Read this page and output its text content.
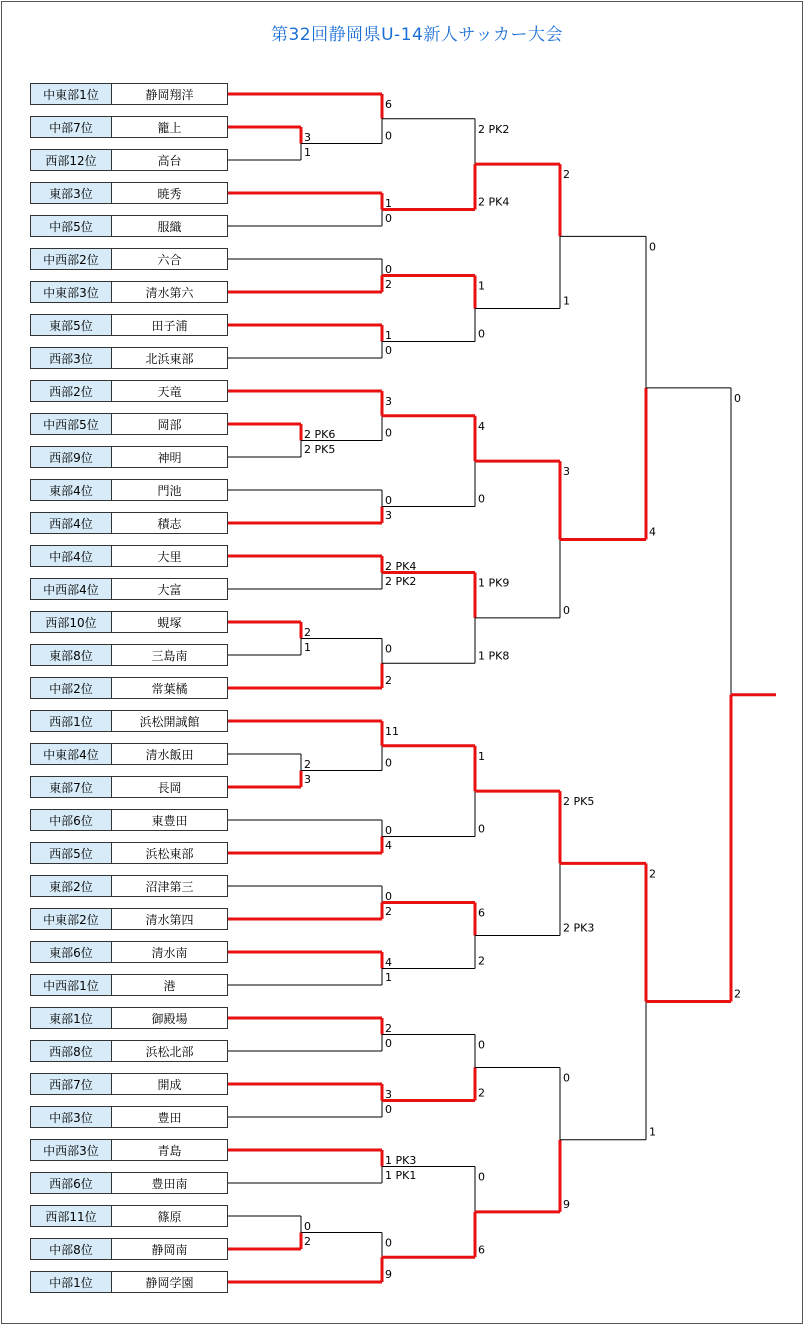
第32回静岡県U-14新人サッカー大会
中東部1位	静岡翔洋
中部7位	籠上
西部12位	高台
東部3位	暁秀
中部5位	服織
中西部2位	六合
中東部3位	清水第六
東部5位	田子浦
西部3位	北浜東部
西部2位	天竜
中西部5位	岡部
西部9位	神明
東部4位	門池
西部4位	積志
中部4位	大里
中西部4位	大富
西部10位	蜆塚
東部8位	三島南
中部2位	常葉橘
西部1位	浜松開誠館
中東部4位	清水飯田
東部7位	長岡
中部6位	東豊田
西部5位	浜松東部
東部2位	沼津第三
中東部2位	清水第四
東部6位	清水南
中西部1位	港
東部1位	御殿場
西部8位	浜松北部
西部7位	開成
中部3位	豊田
中西部3位	青島
西部6位	豊田南
西部11位	篠原
中部8位	静岡南
中部1位	静岡学園
3
1
2 PK6
2 PK5
2
1
2
3
0
2
6
0
1
0
0
2
1
0
3
0
0
3
2 PK4
2 PK2
0
2
11
0
0
4
0
2
4
1
2
0
3
0
1 PK3
1 PK1
0
9
2 PK2
2 PK4
1
0
4
0
1 PK9
1 PK8
1
0
6
2
0
2
0
6
2
1
3
0
2 PK5
2 PK3
0
9
0
4
2
1
0
2
